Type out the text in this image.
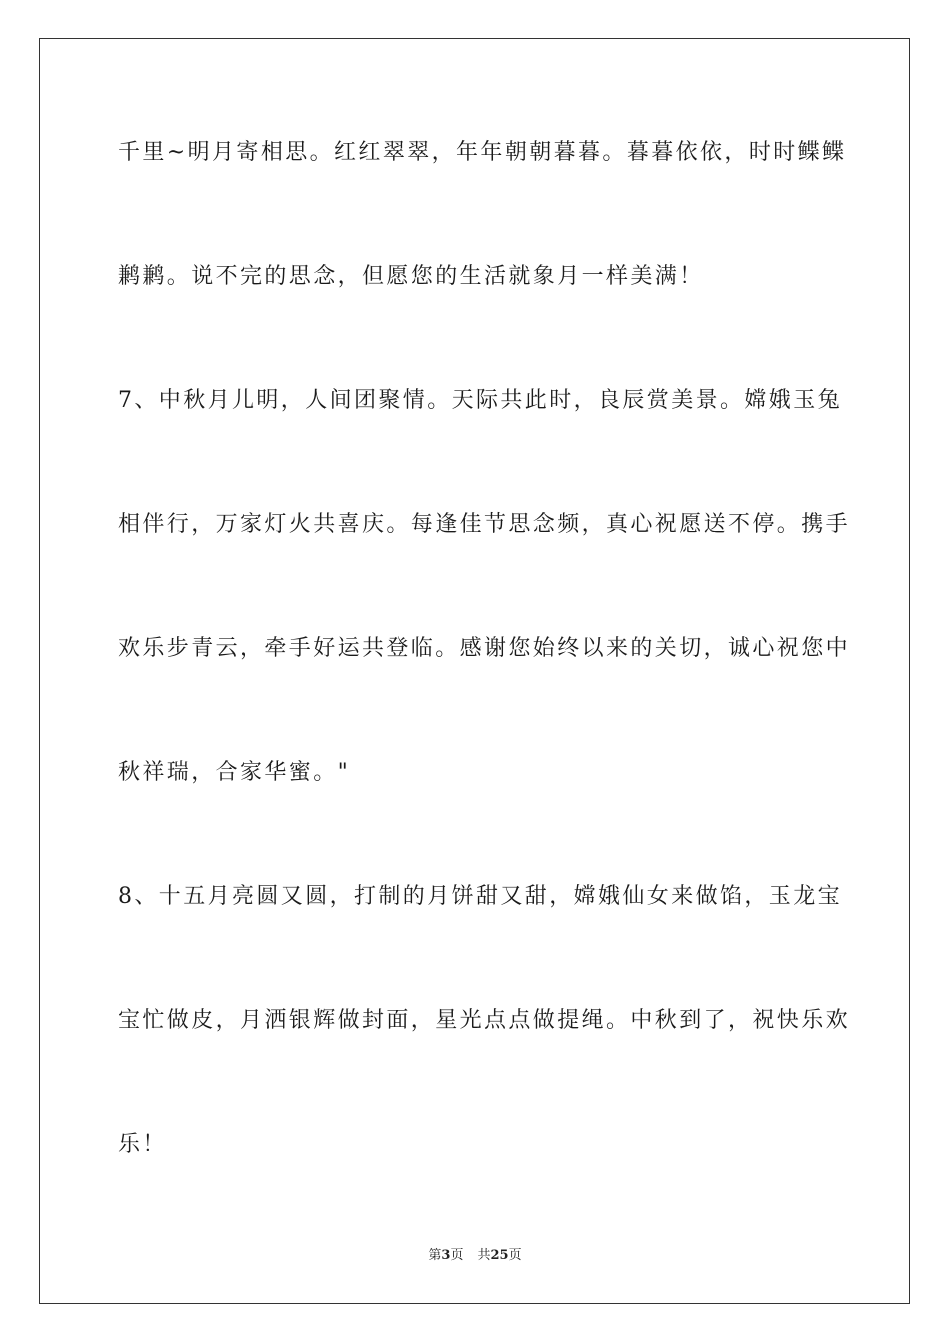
千里~明月寄相思。红红翠翠，年年朝朝暮暮。暮暮依依，时时鲽鲽
鹣鹣。说不完的思念，但愿您的生活就象月一样美满！
7、中秋月儿明，人间团聚情。天际共此时，良辰赏美景。嫦娥玉兔
相伴行，万家灯火共喜庆。每逢佳节思念频，真心祝愿送不停。携手
欢乐步青云，牵手好运共登临。感谢您始终以来的关切，诚心祝您中
秋祥瑞，合家华蜜。"
8、十五月亮圆又圆，打制的月饼甜又甜，嫦娥仙女来做馅，玉龙宝
宝忙做皮，月洒银辉做封面，星光点点做提绳。中秋到了，祝快乐欢
乐！
第3页 共25页
